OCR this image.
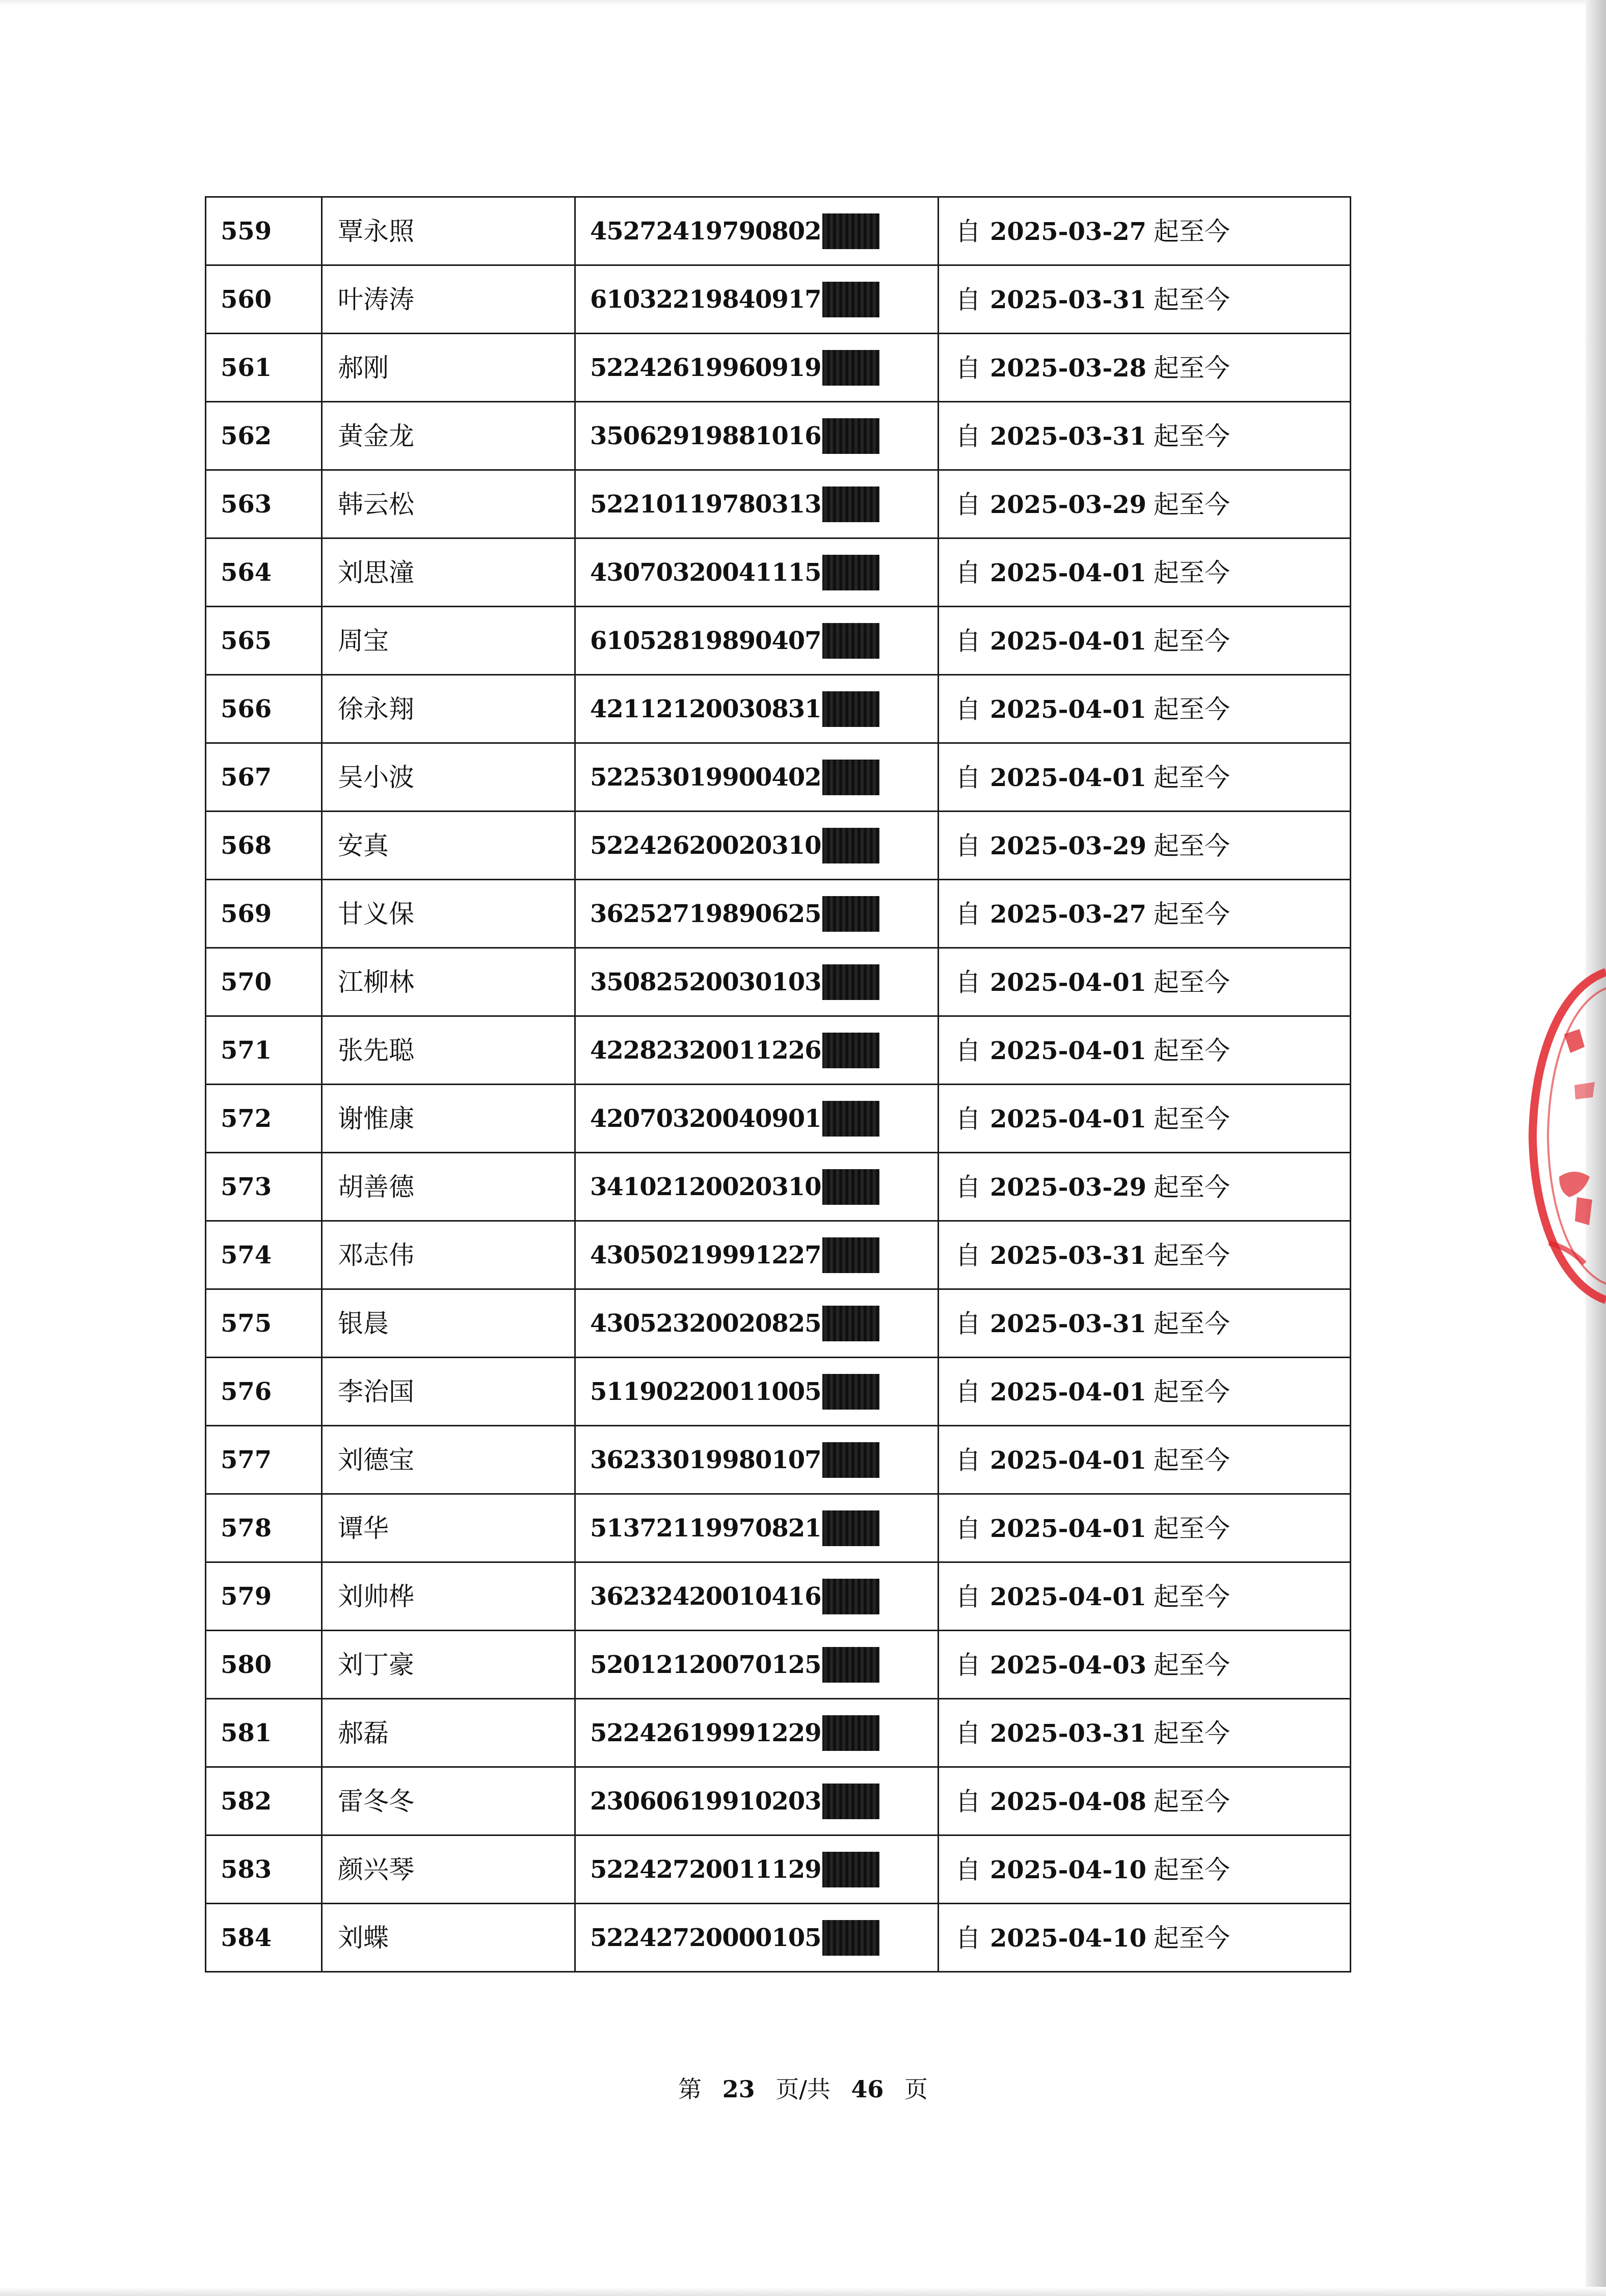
559	覃永照	45272419790802	自 2025-03-27 起至今
560	叶涛涛	61032219840917	自 2025-03-31 起至今
561	郝刚	52242619960919	自 2025-03-28 起至今
562	黄金龙	35062919881016	自 2025-03-31 起至今
563	韩云松	52210119780313	自 2025-03-29 起至今
564	刘思潼	43070320041115	自 2025-04-01 起至今
565	周宝	61052819890407	自 2025-04-01 起至今
566	徐永翔	42112120030831	自 2025-04-01 起至今
567	吴小波	52253019900402	自 2025-04-01 起至今
568	安真	52242620020310	自 2025-03-29 起至今
569	甘义保	36252719890625	自 2025-03-27 起至今
570	江柳林	35082520030103	自 2025-04-01 起至今
571	张先聪	42282320011226	自 2025-04-01 起至今
572	谢惟康	42070320040901	自 2025-04-01 起至今
573	胡善德	34102120020310	自 2025-03-29 起至今
574	邓志伟	43050219991227	自 2025-03-31 起至今
575	银晨	43052320020825	自 2025-03-31 起至今
576	李治国	51190220011005	自 2025-04-01 起至今
577	刘德宝	36233019980107	自 2025-04-01 起至今
578	谭华	51372119970821	自 2025-04-01 起至今
579	刘帅桦	36232420010416	自 2025-04-01 起至今
580	刘丁豪	52012120070125	自 2025-04-03 起至今
581	郝磊	52242619991229	自 2025-03-31 起至今
582	雷冬冬	23060619910203	自 2025-04-08 起至今
583	颜兴琴	52242720011129	自 2025-04-10 起至今
584	刘蝶	52242720000105	自 2025-04-10 起至今
第 23 页/共 46 页
